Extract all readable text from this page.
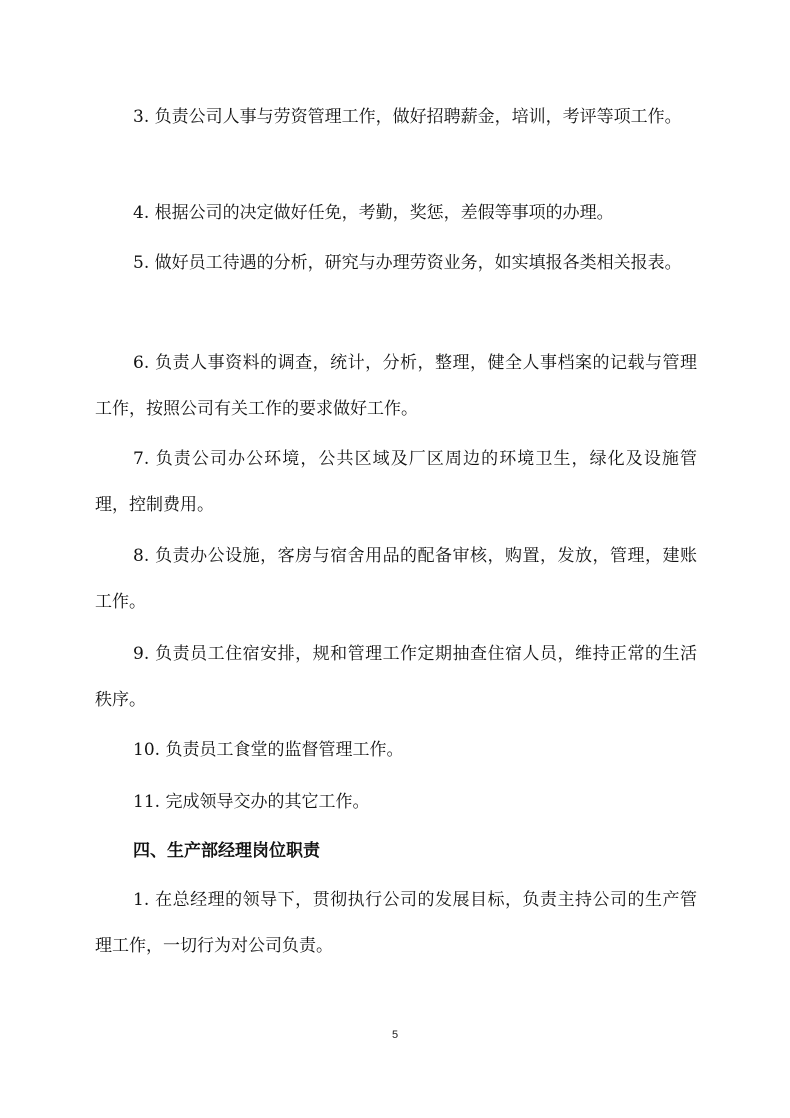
3. 负责公司人事与劳资管理工作，做好招聘薪金，培训，考评等项工作。

4. 根据公司的决定做好任免，考勤，奖惩，差假等事项的办理。

5. 做好员工待遇的分析，研究与办理劳资业务，如实填报各类相关报表。

6. 负责人事资料的调查，统计，分析，整理，健全人事档案的记载与管理工作，按照公司有关工作的要求做好工作。

7. 负责公司办公环境，公共区域及厂区周边的环境卫生，绿化及设施管理，控制费用。

8. 负责办公设施，客房与宿舍用品的配备审核，购置，发放，管理，建账工作。

9. 负责员工住宿安排，规和管理工作定期抽查住宿人员，维持正常的生活秩序。

10. 负责员工食堂的监督管理工作。

11. 完成领导交办的其它工作。

四、生产部经理岗位职责

1. 在总经理的领导下，贯彻执行公司的发展目标，负责主持公司的生产管理工作，一切行为对公司负责。

5
